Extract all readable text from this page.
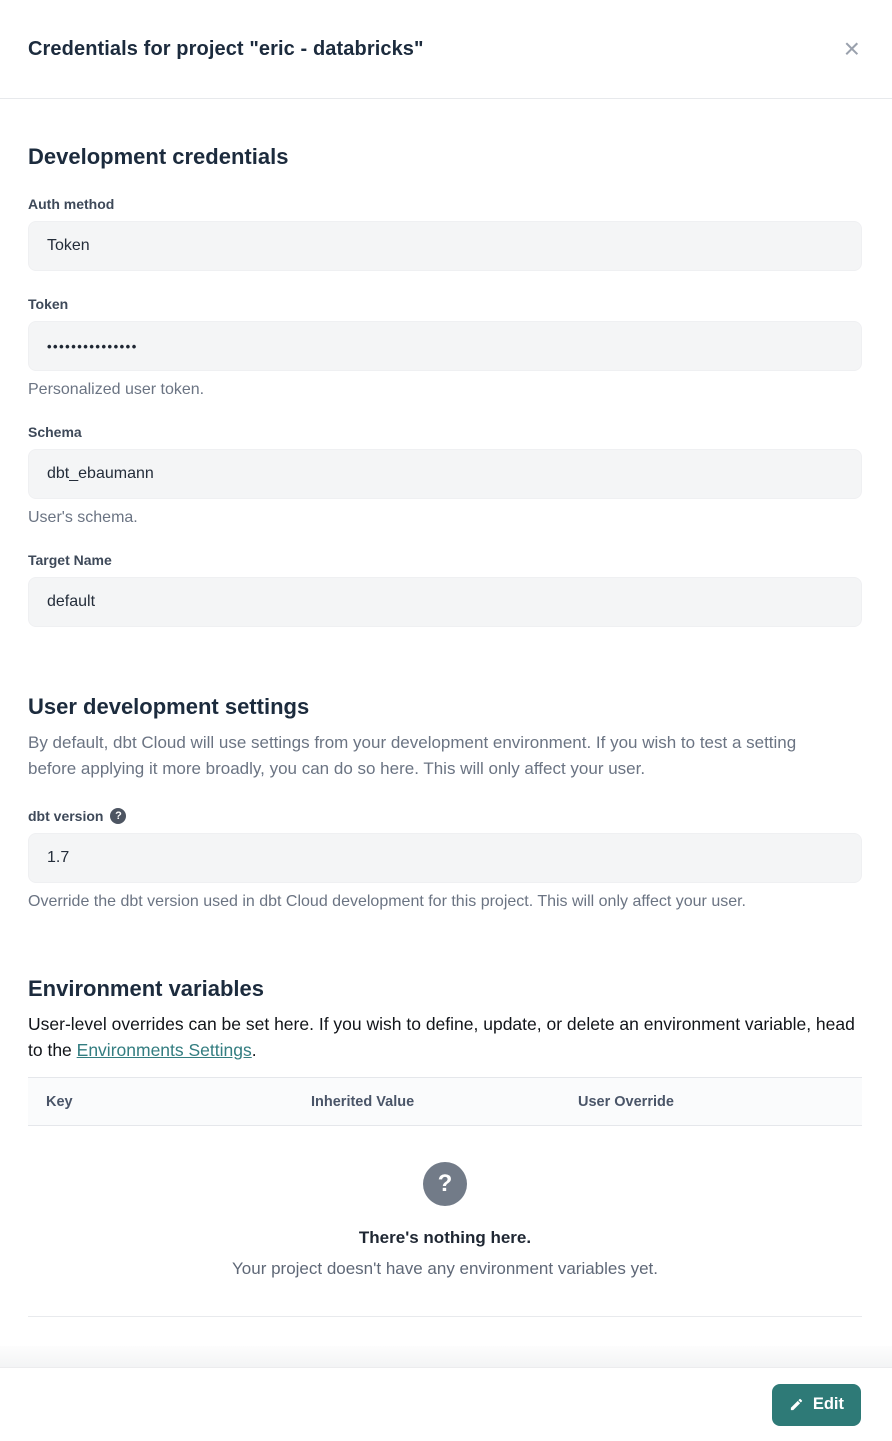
Credentials for project "eric - databricks"	×
Development credentials
Auth method
Token
Token
•••••••••••••••
Personalized user token.
Schema
dbt_ebaumann
User's schema.
Target Name
default
User development settings

By default, dbt Cloud will use settings from your development environment. If you wish to test a setting before applying it more broadly, you can do so here. This will only affect your user.

dbt version	?
1.7
Override the dbt version used in dbt Cloud development for this project. This will only affect your user.
Environment variables

User-level overrides can be set here. If you wish to define, update, or delete an environment variable, head to the Environments Settings.

Key	Inherited Value	User Override
?
There's nothing here.
Your project doesn't have any environment variables yet.
Edit
